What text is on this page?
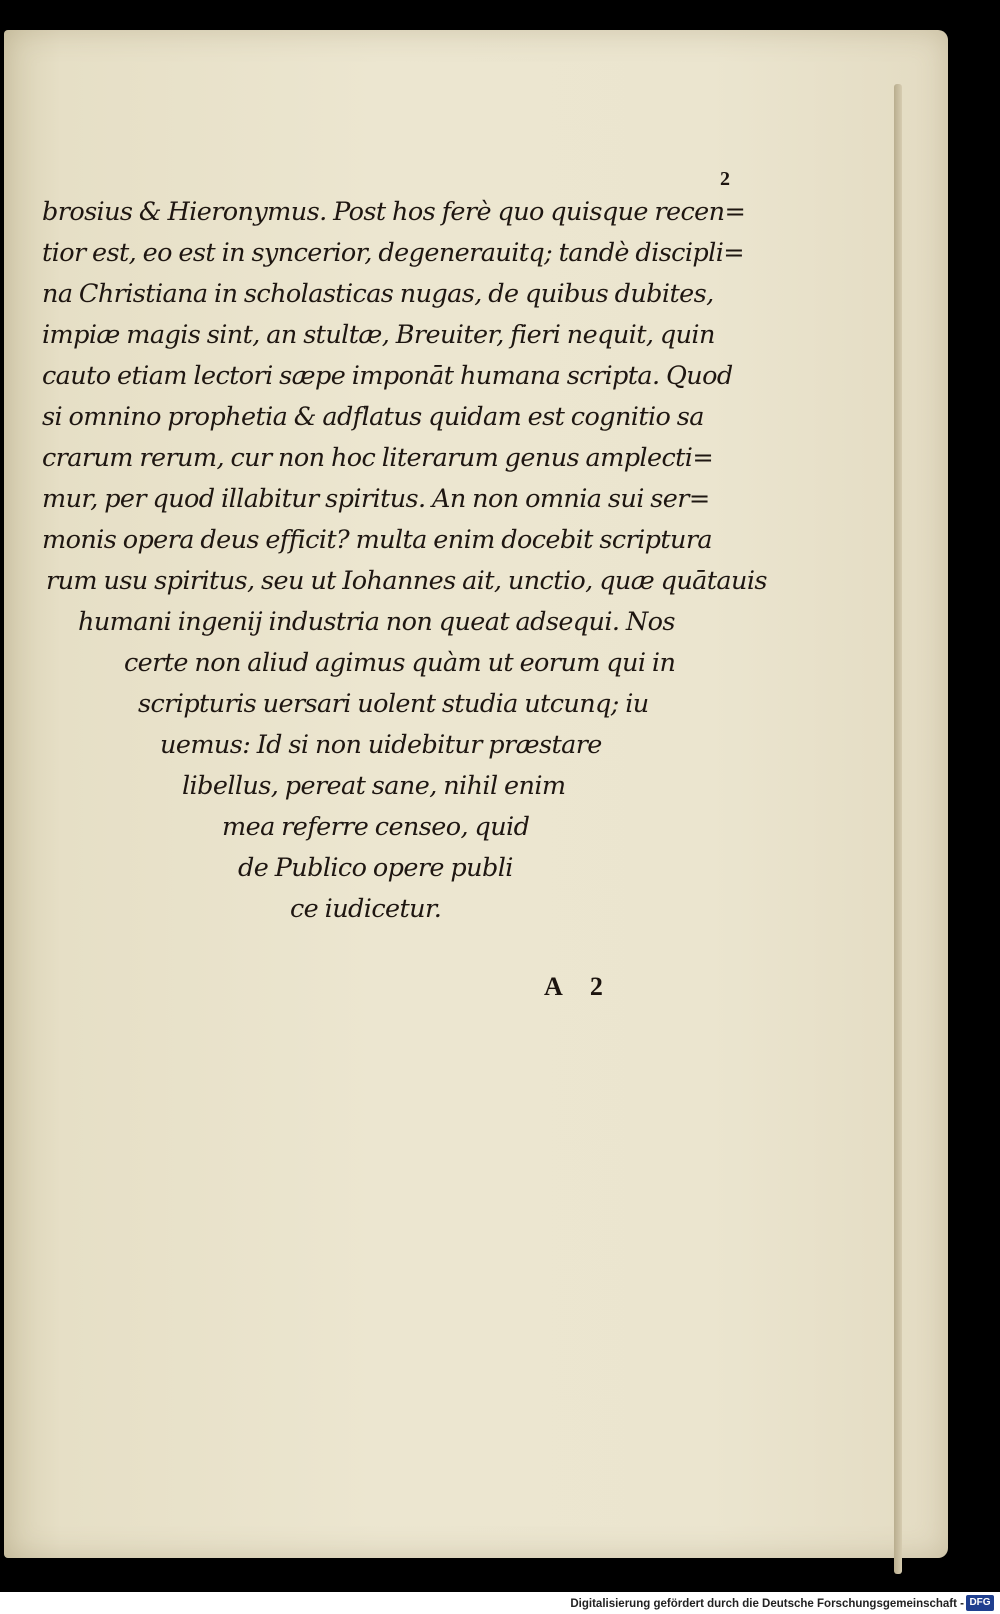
2
brosius & Hieronymus. Post hos ferè quo quisque recen=
tior est, eo est in syncerior, degenerauitq; tandè discipli=
na Christiana in scholasticas nugas, de quibus dubites,
impiæ magis sint, an stultæ, Breuiter, fieri nequit, quin
cauto etiam lectori sæpe imponāt humana scripta. Quod
si omnino prophetia & adflatus quidam est cognitio sa
crarum rerum, cur non hoc literarum genus amplecti=
mur, per quod illabitur spiritus. An non omnia sui ser=
monis opera deus efficit? multa enim docebit scriptura
rum usu spiritus, seu ut Iohannes ait, unctio, quæ quātauis
humani ingenij industria non queat adsequi. Nos
certe non aliud agimus quàm ut eorum qui in
scripturis uersari uolent studia utcunq; iu
uemus: Id si non uidebitur præstare
libellus, pereat sane, nihil enim
mea referre censeo, quid
de Publico opere publi
ce iudicetur.
A 2
Digitalisierung gefördert durch die Deutsche Forschungsgemeinschaft - DFG
